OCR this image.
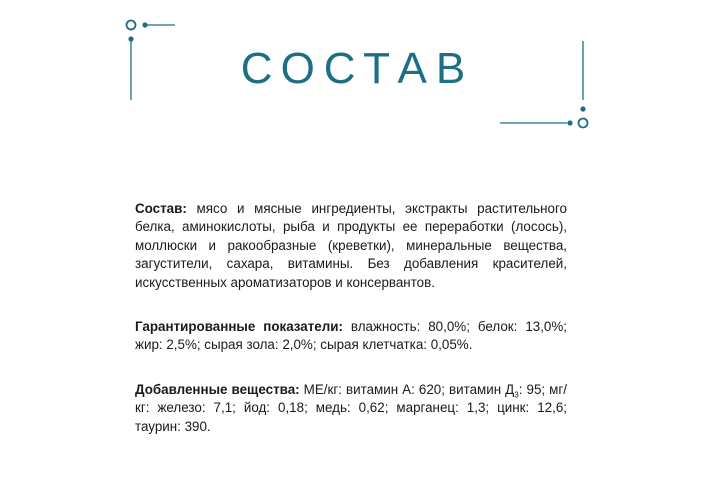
СОСТАВ

Состав: мясо и мясные ингредиенты, экстракты растительного белка, аминокислоты, рыба и продукты ее переработки (лосось), моллюски и ракообразные (креветки), минеральные вещества, загустители, сахара, витамины. Без добавления красителей, искусственных ароматизаторов и консервантов.

Гарантированные показатели: влажность: 80,0%; белок: 13,0%; жир: 2,5%; сырая зола: 2,0%; сырая клетчатка: 0,05%.

Добавленные вещества: МЕ/кг: витамин А: 620; витамин $Д_3$: 95; мг/кг: железо: 7,1; йод: 0,18; медь: 0,62; марганец: 1,3; цинк: 12,6; таурин: 390.
